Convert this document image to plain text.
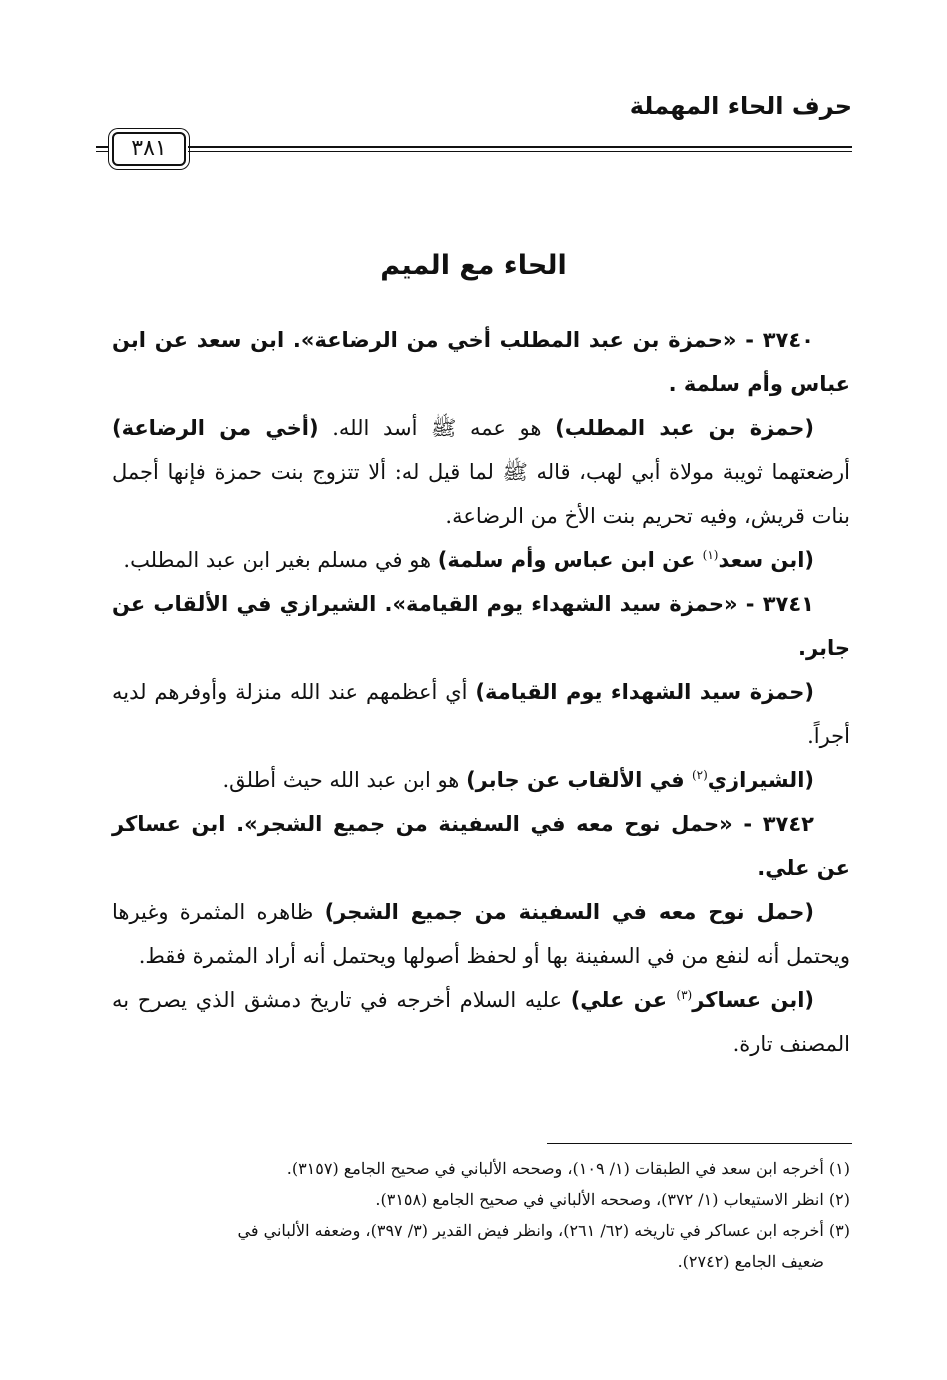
حرف الحاء المهملة
٣٨١
الحاء مع الميم

٣٧٤٠ - «حمزة بن عبد المطلب أخي من الرضاعة». ابن سعد عن ابن عباس وأم سلمة .

(حمزة بن عبد المطلب) هو عمه ﷺ أسد الله. (أخي من الرضاعة) أرضعتهما ثويبة مولاة أبي لهب، قاله ﷺ لما قيل له: ألا تتزوج بنت حمزة فإنها أجمل بنات قريش، وفيه تحريم بنت الأخ من الرضاعة.

(ابن سعد$^{(١)}$ عن ابن عباس وأم سلمة) هو في مسلم بغير ابن عبد المطلب.

٣٧٤١ - «حمزة سيد الشهداء يوم القيامة». الشيرازي في الألقاب عن جابر.

(حمزة سيد الشهداء يوم القيامة) أي أعظمهم عند الله منزلة وأوفرهم لديه أجراً.

(الشيرازي$^{(٢)}$ في الألقاب عن جابر) هو ابن عبد الله حيث أطلق.

٣٧٤٢ - «حمل نوح معه في السفينة من جميع الشجر». ابن عساكر عن علي.

(حمل نوح معه في السفينة من جميع الشجر) ظاهره المثمرة وغيرها ويحتمل أنه لنفع من في السفينة بها أو لحفظ أصولها ويحتمل أنه أراد المثمرة فقط.

(ابن عساكر$^{(٣)}$ عن علي) عليه السلام أخرجه في تاريخ دمشق الذي يصرح به المصنف تارة.

(١) أخرجه ابن سعد في الطبقات (١/ ١٠٩)، وصححه الألباني في صحيح الجامع (٣١٥٧).

(٢) انظر الاستيعاب (١/ ٣٧٢)، وصححه الألباني في صحيح الجامع (٣١٥٨).

(٣) أخرجه ابن عساكر في تاريخه (٦٢/ ٢٦١)، وانظر فيض القدير (٣/ ٣٩٧)، وضعفه الألباني في

ضعيف الجامع (٢٧٤٢).
